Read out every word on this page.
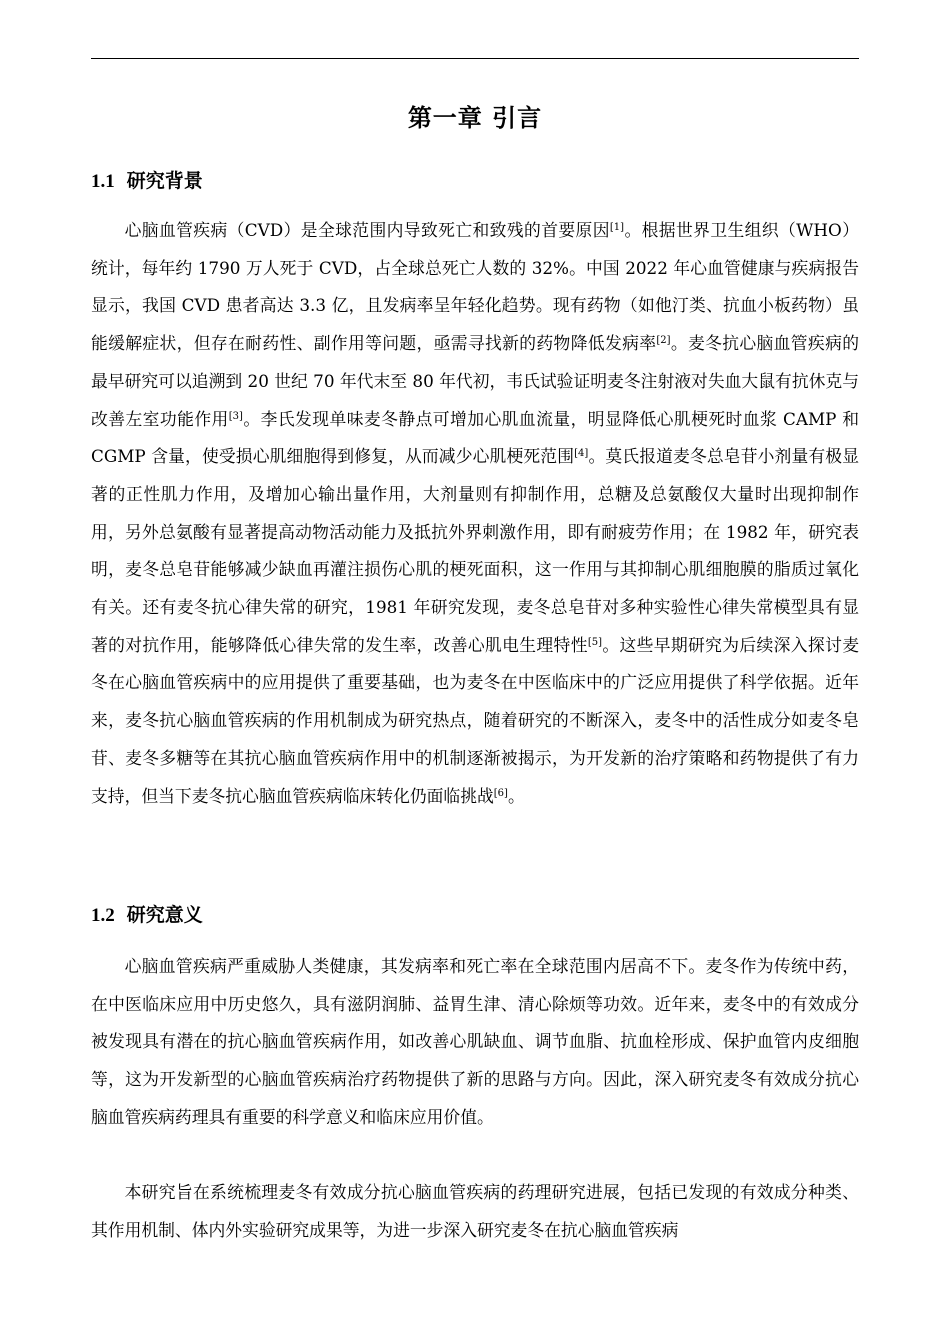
第一章 引言
1.1 研究背景

心脑血管疾病（CVD）是全球范围内导致死亡和致残的首要原因[1]。根据世界卫生组织（WHO）统计，每年约 1790 万人死于 CVD，占全球总死亡人数的 32%。中国 2022 年心血管健康与疾病报告显示，我国 CVD 患者高达 3.3 亿，且发病率呈年轻化趋势。现有药物（如他汀类、抗血小板药物）虽能缓解症状，但存在耐药性、副作用等问题，亟需寻找新的药物降低发病率[2]。麦冬抗心脑血管疾病的最早研究可以追溯到 20 世纪 70 年代末至 80 年代初，韦氏试验证明麦冬注射液对失血大鼠有抗休克与改善左室功能作用[3]。李氏发现单味麦冬静点可增加心肌血流量，明显降低心肌梗死时血浆 CAMP 和 CGMP 含量，使受损心肌细胞得到修复，从而减少心肌梗死范围[4]。莫氏报道麦冬总皂苷小剂量有极显著的正性肌力作用，及增加心输出量作用，大剂量则有抑制作用，总糖及总氨酸仅大量时出现抑制作用，另外总氨酸有显著提高动物活动能力及抵抗外界刺激作用，即有耐疲劳作用；在 1982 年，研究表明，麦冬总皂苷能够减少缺血再灌注损伤心肌的梗死面积，这一作用与其抑制心肌细胞膜的脂质过氧化有关。还有麦冬抗心律失常的研究，1981 年研究发现，麦冬总皂苷对多种实验性心律失常模型具有显著的对抗作用，能够降低心律失常的发生率，改善心肌电生理特性[5]。这些早期研究为后续深入探讨麦冬在心脑血管疾病中的应用提供了重要基础，也为麦冬在中医临床中的广泛应用提供了科学依据。近年来，麦冬抗心脑血管疾病的作用机制成为研究热点，随着研究的不断深入，麦冬中的活性成分如麦冬皂苷、麦冬多糖等在其抗心脑血管疾病作用中的机制逐渐被揭示，为开发新的治疗策略和药物提供了有力支持，但当下麦冬抗心脑血管疾病临床转化仍面临挑战[6]。

1.2 研究意义

心脑血管疾病严重威胁人类健康，其发病率和死亡率在全球范围内居高不下。麦冬作为传统中药，在中医临床应用中历史悠久，具有滋阴润肺、益胃生津、清心除烦等功效。近年来，麦冬中的有效成分被发现具有潜在的抗心脑血管疾病作用，如改善心肌缺血、调节血脂、抗血栓形成、保护血管内皮细胞等，这为开发新型的心脑血管疾病治疗药物提供了新的思路与方向。因此，深入研究麦冬有效成分抗心脑血管疾病药理具有重要的科学意义和临床应用价值。

本研究旨在系统梳理麦冬有效成分抗心脑血管疾病的药理研究进展，包括已发现的有效成分种类、其作用机制、体内外实验研究成果等，为进一步深入研究麦冬在抗心脑血管疾病
